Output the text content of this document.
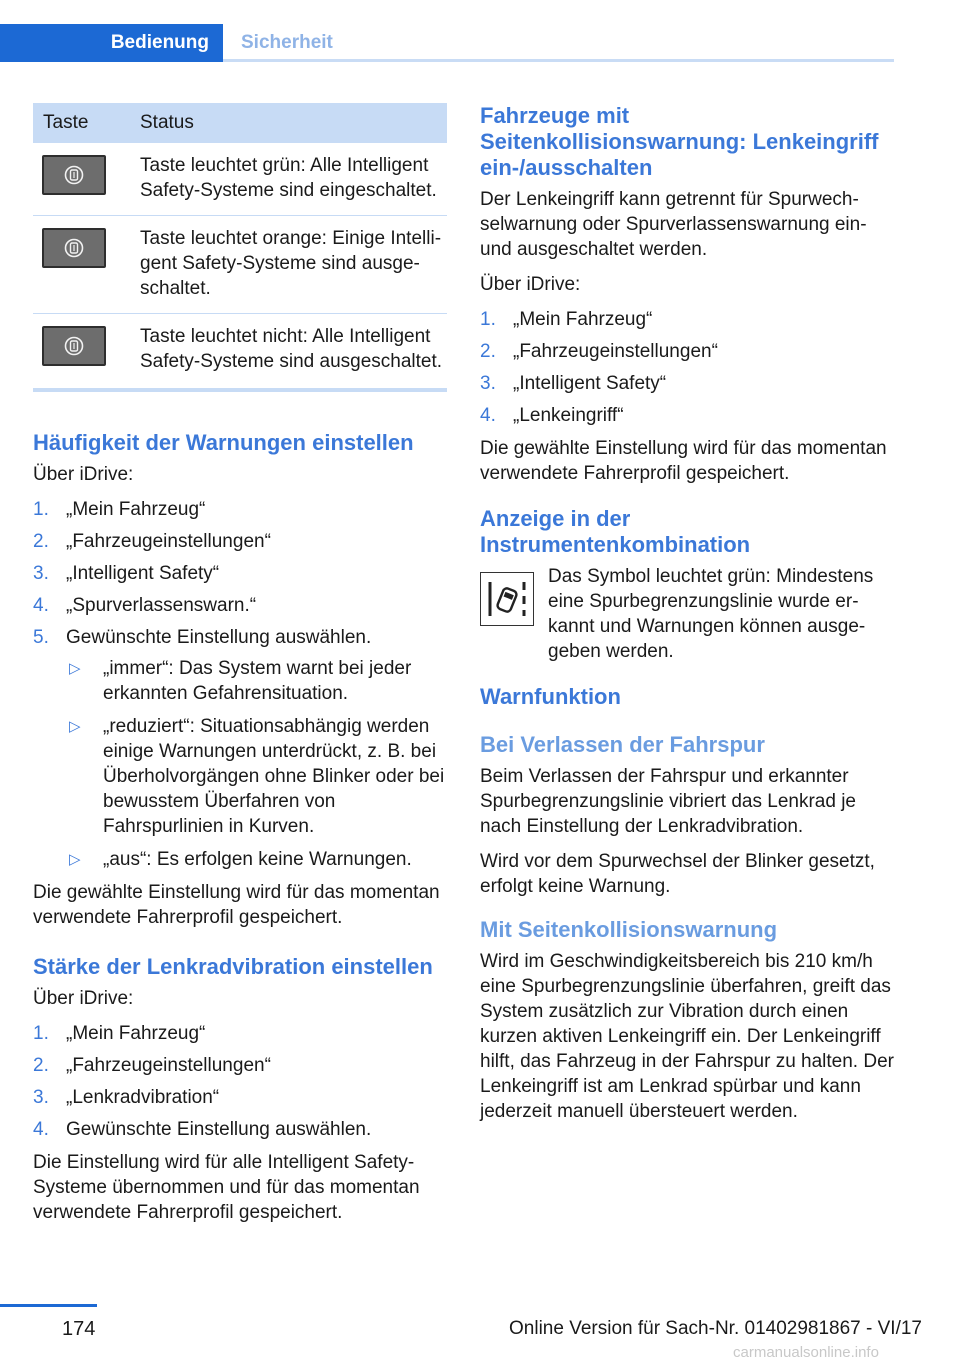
Bedienung	Sicherheit
Taste	Status

	Taste leuchtet grün: Alle Intelligent Safety-Systeme sind eingeschaltet.

	Taste leuchtet orange: Einige Intelligent Safety-Systeme sind ausgeschaltet.

	Taste leuchtet nicht: Alle Intelligent Safety-Systeme sind ausgeschaltet.
Häufigkeit der Warnungen einstellen

Über iDrive:

1. „Mein Fahrzeug“
2. „Fahrzeugeinstellungen“
3. „Intelligent Safety“
4. „Spurverlassenswarn.“
5. Gewünschte Einstellung auswählen.
▷ „immer“: Das System warnt bei jeder erkannten Gefahrensituation.
▷ „reduziert“: Situationsabhängig werden einige Warnungen unterdrückt, z. B. bei Überholvorgängen ohne Blinker oder bei bewusstem Überfahren von Fahrspurlinien in Kurven.
▷ „aus“: Es erfolgen keine Warnungen.

Die gewählte Einstellung wird für das momentan verwendete Fahrerprofil gespeichert.

Stärke der Lenkradvibration einstellen

Über iDrive:

1. „Mein Fahrzeug“
2. „Fahrzeugeinstellungen“
3. „Lenkradvibration“
4. Gewünschte Einstellung auswählen.

Die Einstellung wird für alle Intelligent Safety-Systeme übernommen und für das momentan verwendete Fahrerprofil gespeichert.

Fahrzeuge mit Seitenkollisionswarnung: Lenkeingriff ein-/ausschalten

Der Lenkeingriff kann getrennt für Spurwechselwarnung oder Spurverlassenswarnung ein- und ausgeschaltet werden.

Über iDrive:

1. „Mein Fahrzeug“
2. „Fahrzeugeinstellungen“
3. „Intelligent Safety“
4. „Lenkeingriff“

Die gewählte Einstellung wird für das momentan verwendete Fahrerprofil gespeichert.

Anzeige in der Instrumentenkombination

Das Symbol leuchtet grün: Mindestens eine Spurbegrenzungslinie wurde erkannt und Warnungen können ausgegeben werden.

Warnfunktion
Bei Verlassen der Fahrspur

Beim Verlassen der Fahrspur und erkannter Spurbegrenzungslinie vibriert das Lenkrad je nach Einstellung der Lenkradvibration.

Wird vor dem Spurwechsel der Blinker gesetzt, erfolgt keine Warnung.

Mit Seitenkollisionswarnung

Wird im Geschwindigkeitsbereich bis 210 km/h eine Spurbegrenzungslinie überfahren, greift das System zusätzlich zur Vibration durch einen kurzen aktiven Lenkeingriff ein. Der Lenkeingriff hilft, das Fahrzeug in der Fahrspur zu halten. Der Lenkeingriff ist am Lenkrad spürbar und kann jederzeit manuell übersteuert werden.

174	Online Version für Sach-Nr. 01402981867 - VI/17
carmanualsonline.info
